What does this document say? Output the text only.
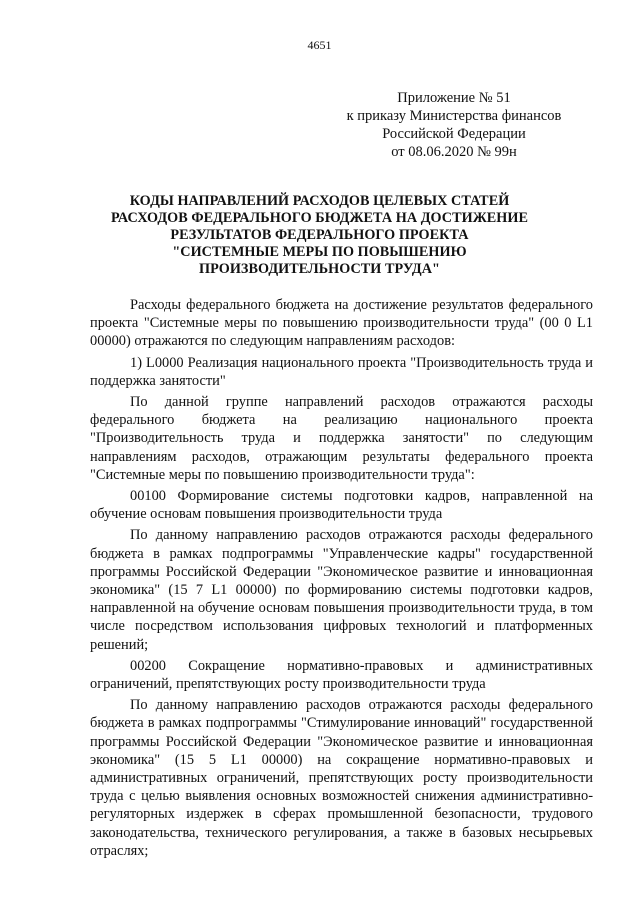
4651
Приложение № 51
к приказу Министерства финансов
Российской Федерации
от 08.06.2020 № 99н
КОДЫ НАПРАВЛЕНИЙ РАСХОДОВ ЦЕЛЕВЫХ СТАТЕЙ
РАСХОДОВ ФЕДЕРАЛЬНОГО БЮДЖЕТА НА ДОСТИЖЕНИЕ
РЕЗУЛЬТАТОВ ФЕДЕРАЛЬНОГО ПРОЕКТА
"СИСТЕМНЫЕ МЕРЫ ПО ПОВЫШЕНИЮ
ПРОИЗВОДИТЕЛЬНОСТИ ТРУДА"

Расходы федерального бюджета на достижение результатов федерального проекта "Системные меры по повышению производительности труда" (00 0 L1 00000) отражаются по следующим направлениям расходов:

1) L0000 Реализация национального проекта "Производительность труда и поддержка занятости"

По данной группе направлений расходов отражаются расходы федерального бюджета на реализацию национального проекта "Производительность труда и поддержка занятости" по следующим направлениям расходов, отражающим результаты федерального проекта "Системные меры по повышению производительности труда":

00100 Формирование системы подготовки кадров, направленной на обучение основам повышения производительности труда

По данному направлению расходов отражаются расходы федерального бюджета в рамках подпрограммы "Управленческие кадры" государственной программы Российской Федерации "Экономическое развитие и инновационная экономика" (15 7 L1 00000) по формированию системы подготовки кадров, направленной на обучение основам повышения производительности труда, в том числе посредством использования цифровых технологий и платформенных решений;

00200 Сокращение нормативно-правовых и административных ограничений, препятствующих росту производительности труда

По данному направлению расходов отражаются расходы федерального бюджета в рамках подпрограммы "Стимулирование инноваций" государственной программы Российской Федерации "Экономическое развитие и инновационная экономика" (15 5 L1 00000) на сокращение нормативно-правовых и административных ограничений, препятствующих росту производительности труда с целью выявления основных возможностей снижения административно-регуляторных издержек в сферах промышленной безопасности, трудового законодательства, технического регулирования, а также в базовых несырьевых отраслях;
